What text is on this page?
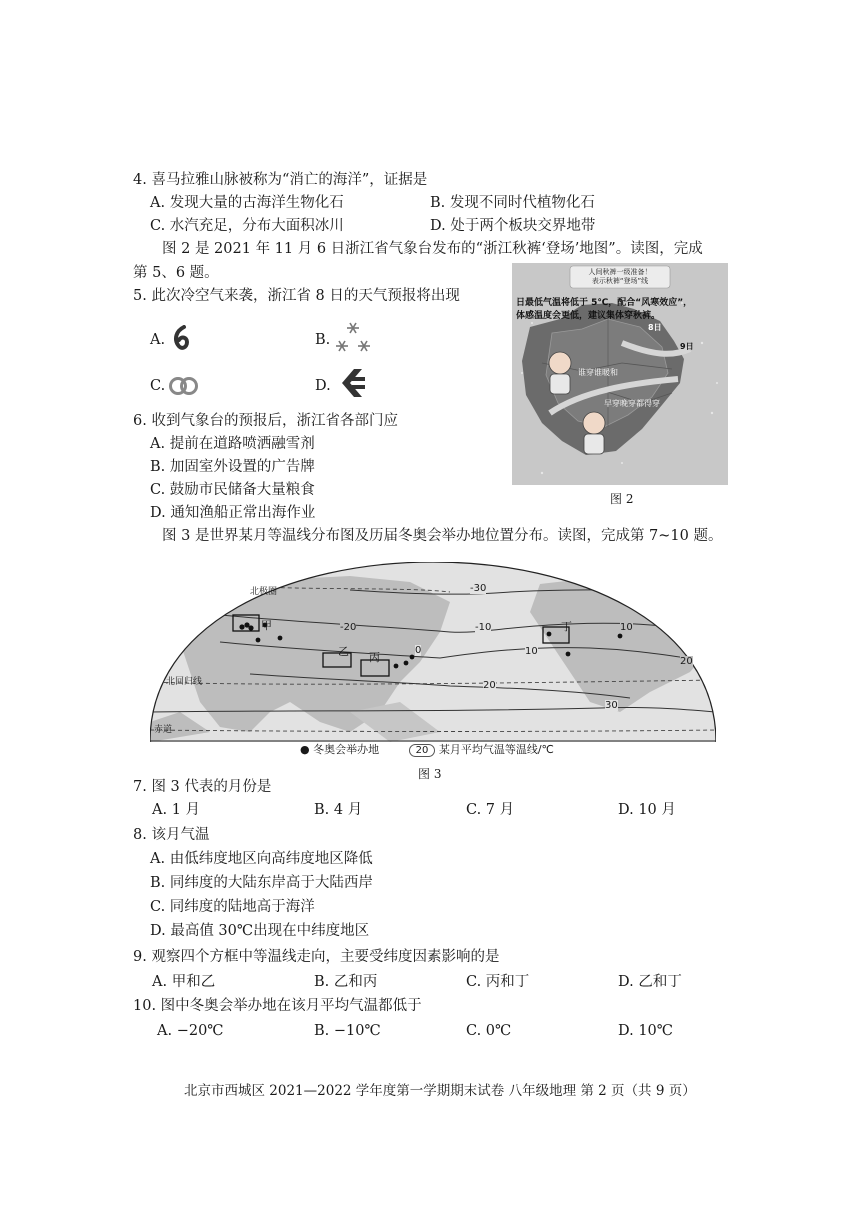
4. 喜马拉雅山脉被称为“消亡的海洋”，证据是
A. 发现大量的古海洋生物化石	B. 发现不同时代植物化石
C. 水汽充足，分布大面积冰川	D. 处于两个板块交界地带
图 2 是 2021 年 11 月 6 日浙江省气象台发布的“浙江秋裤‘登场’地图”。读图，完成
第 5、6 题。
5. 此次冷空气来袭，浙江省 8 日的天气预报将出现
A.	B.
C.	D.
人间秋裤一级准备！
表示秋裤“登场”线
日最低气温将低于 5℃，配合“风寒效应”，
体感温度会更低，建议集体穿秋裤。
8日
9日
谁穿谁暖和
早穿晚穿都得穿
图 2
6. 收到气象台的预报后，浙江省各部门应
A. 提前在道路喷洒融雪剂
B. 加固室外设置的广告牌
C. 鼓励市民储备大量粮食
D. 通知渔船正常出海作业
图 3 是世界某月等温线分布图及历届冬奥会举办地位置分布。读图，完成第 7~10 题。
甲
乙 丙
丁
-30
-20	-10	10
0	10
20
20
30
北极圈
北回归线
赤道
● 冬奥会举办地	20 某月平均气温等温线/℃
图 3
7. 图 3 代表的月份是
A. 1 月	B. 4 月	C. 7 月	D. 10 月
8. 该月气温
A. 由低纬度地区向高纬度地区降低
B. 同纬度的大陆东岸高于大陆西岸
C. 同纬度的陆地高于海洋
D. 最高值 30℃出现在中纬度地区
9. 观察四个方框中等温线走向，主要受纬度因素影响的是
A. 甲和乙	B. 乙和丙	C. 丙和丁	D. 乙和丁
10. 图中冬奥会举办地在该月平均气温都低于
A. −20℃	B. −10℃	C. 0℃	D. 10℃
北京市西城区 2021—2022 学年度第一学期期末试卷 八年级地理 第 2 页（共 9 页）
